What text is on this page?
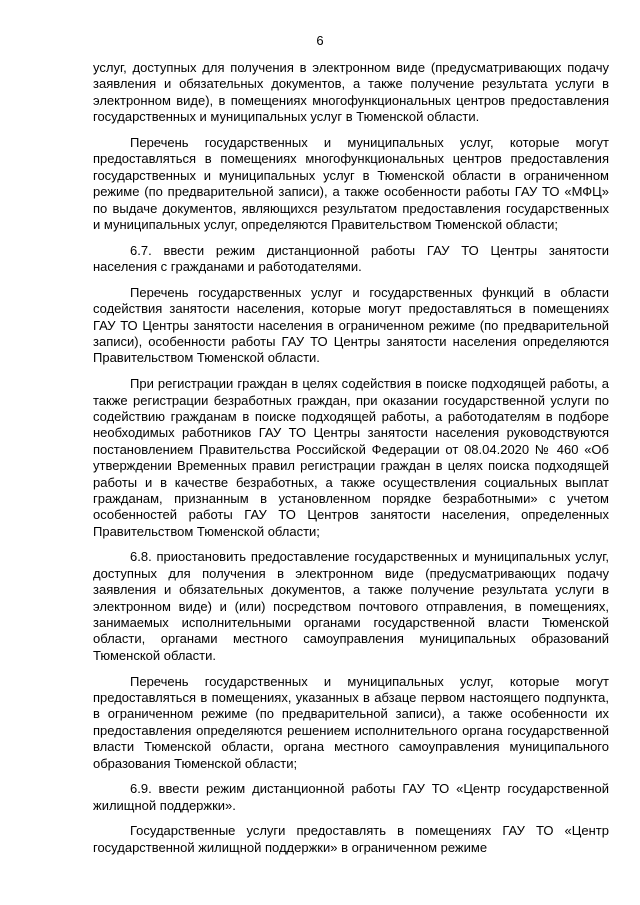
6

услуг, доступных для получения в электронном виде (предусматривающих подачу заявления и обязательных документов, а также получение результата услуги в электронном виде), в помещениях многофункциональных центров предоставления государственных и муниципальных услуг в Тюменской области.

Перечень государственных и муниципальных услуг, которые могут предоставляться в помещениях многофункциональных центров предоставления государственных и муниципальных услуг в Тюменской области в ограниченном режиме (по предварительной записи), а также особенности работы ГАУ ТО «МФЦ» по выдаче документов, являющихся результатом предоставления государственных и муниципальных услуг, определяются Правительством Тюменской области;

6.7. ввести режим дистанционной работы ГАУ ТО Центры занятости населения с гражданами и работодателями.

Перечень государственных услуг и государственных функций в области содействия занятости населения, которые могут предоставляться в помещениях ГАУ ТО Центры занятости населения в ограниченном режиме (по предварительной записи), особенности работы ГАУ ТО Центры занятости населения определяются Правительством Тюменской области.

При регистрации граждан в целях содействия в поиске подходящей работы, а также регистрации безработных граждан, при оказании государственной услуги по содействию гражданам в поиске подходящей работы, а работодателям в подборе необходимых работников ГАУ ТО Центры занятости населения руководствуются постановлением Правительства Российской Федерации от 08.04.2020 № 460 «Об утверждении Временных правил регистрации граждан в целях поиска подходящей работы и в качестве безработных, а также осуществления социальных выплат гражданам, признанным в установленном порядке безработными» с учетом особенностей работы ГАУ ТО Центров занятости населения, определенных Правительством Тюменской области;

6.8. приостановить предоставление государственных и муниципальных услуг, доступных для получения в электронном виде (предусматривающих подачу заявления и обязательных документов, а также получение результата услуги в электронном виде) и (или) посредством почтового отправления, в помещениях, занимаемых исполнительными органами государственной власти Тюменской области, органами местного самоуправления муниципальных образований Тюменской области.

Перечень государственных и муниципальных услуг, которые могут предоставляться в помещениях, указанных в абзаце первом настоящего подпункта, в ограниченном режиме (по предварительной записи), а также особенности их предоставления определяются решением исполнительного органа государственной власти Тюменской области, органа местного самоуправления муниципального образования Тюменской области;

6.9. ввести режим дистанционной работы ГАУ ТО «Центр государственной жилищной поддержки».

Государственные услуги предоставлять в помещениях ГАУ ТО «Центр государственной жилищной поддержки» в ограниченном режиме
